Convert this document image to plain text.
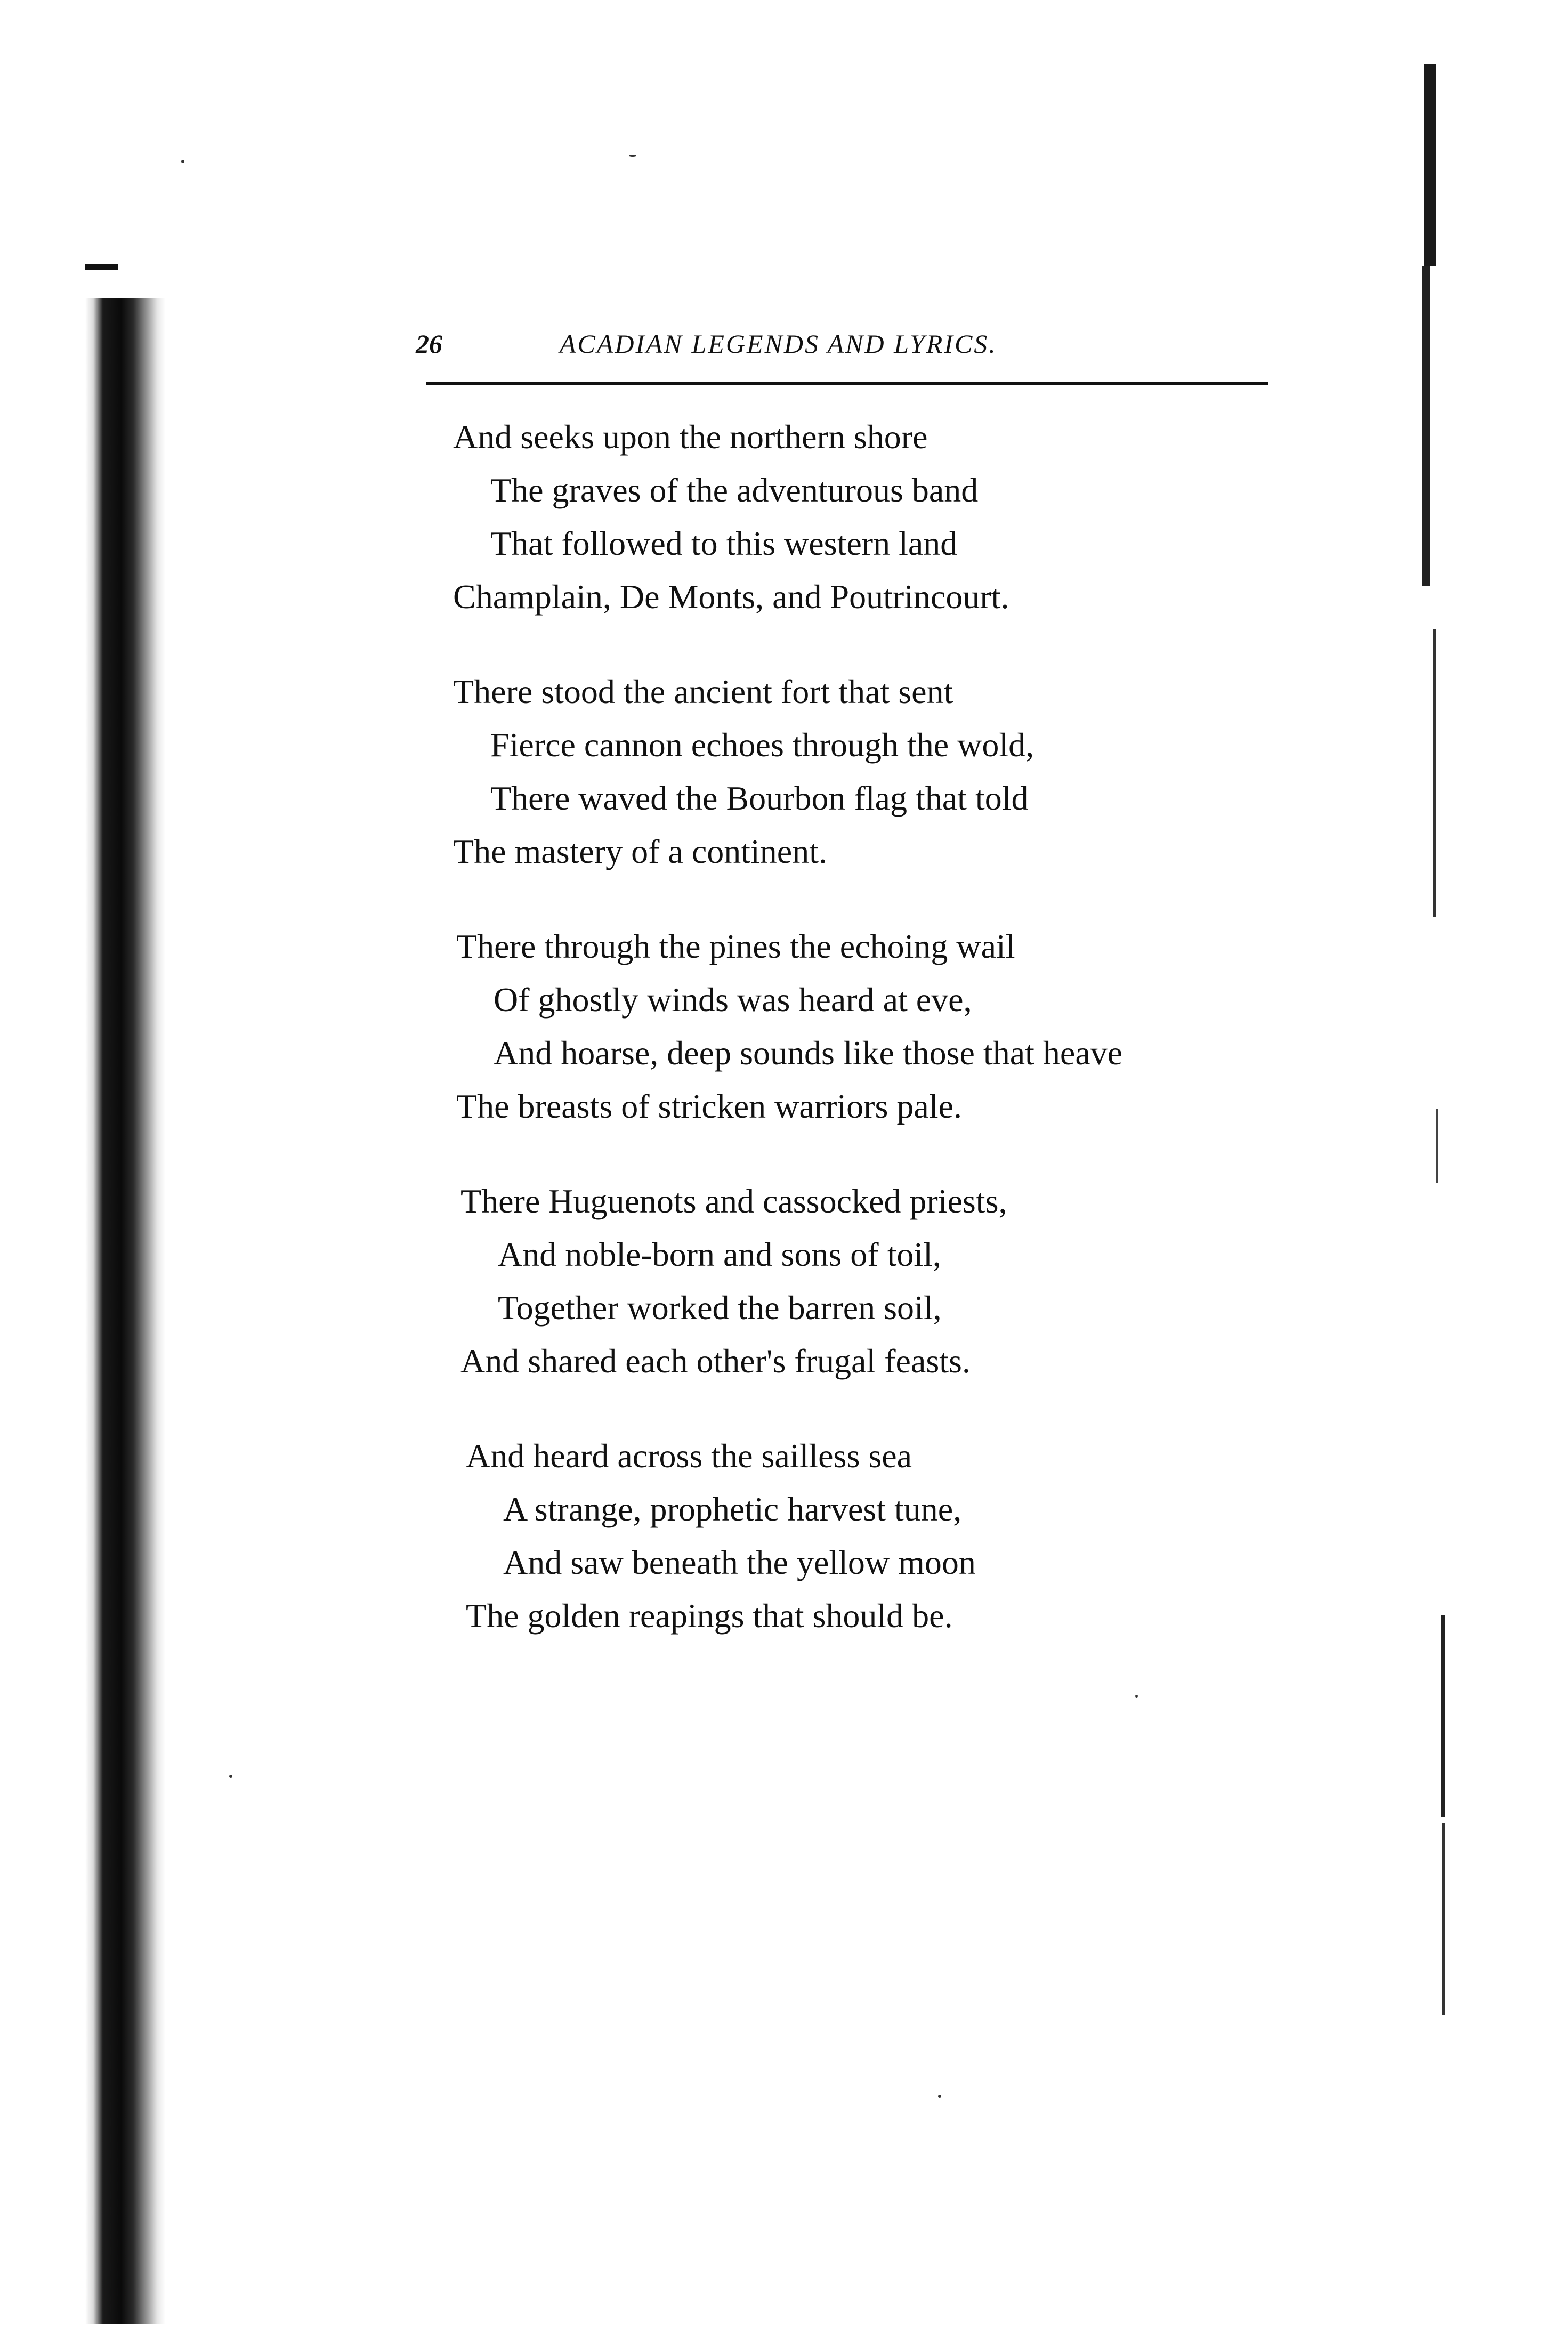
26	ACADIAN LEGENDS AND LYRICS.
And seeks upon the northern shore
The graves of the adventurous band
That followed to this western land
Champlain, De Monts, and Poutrincourt.
There stood the ancient fort that sent
Fierce cannon echoes through the wold,
There waved the Bourbon flag that told
The mastery of a continent.
There through the pines the echoing wail
Of ghostly winds was heard at eve,
And hoarse, deep sounds like those that heave
The breasts of stricken warriors pale.
There Huguenots and cassocked priests,
And noble-born and sons of toil,
Together worked the barren soil,
And shared each other's frugal feasts.
And heard across the sailless sea
A strange, prophetic harvest tune,
And saw beneath the yellow moon
The golden reapings that should be.
